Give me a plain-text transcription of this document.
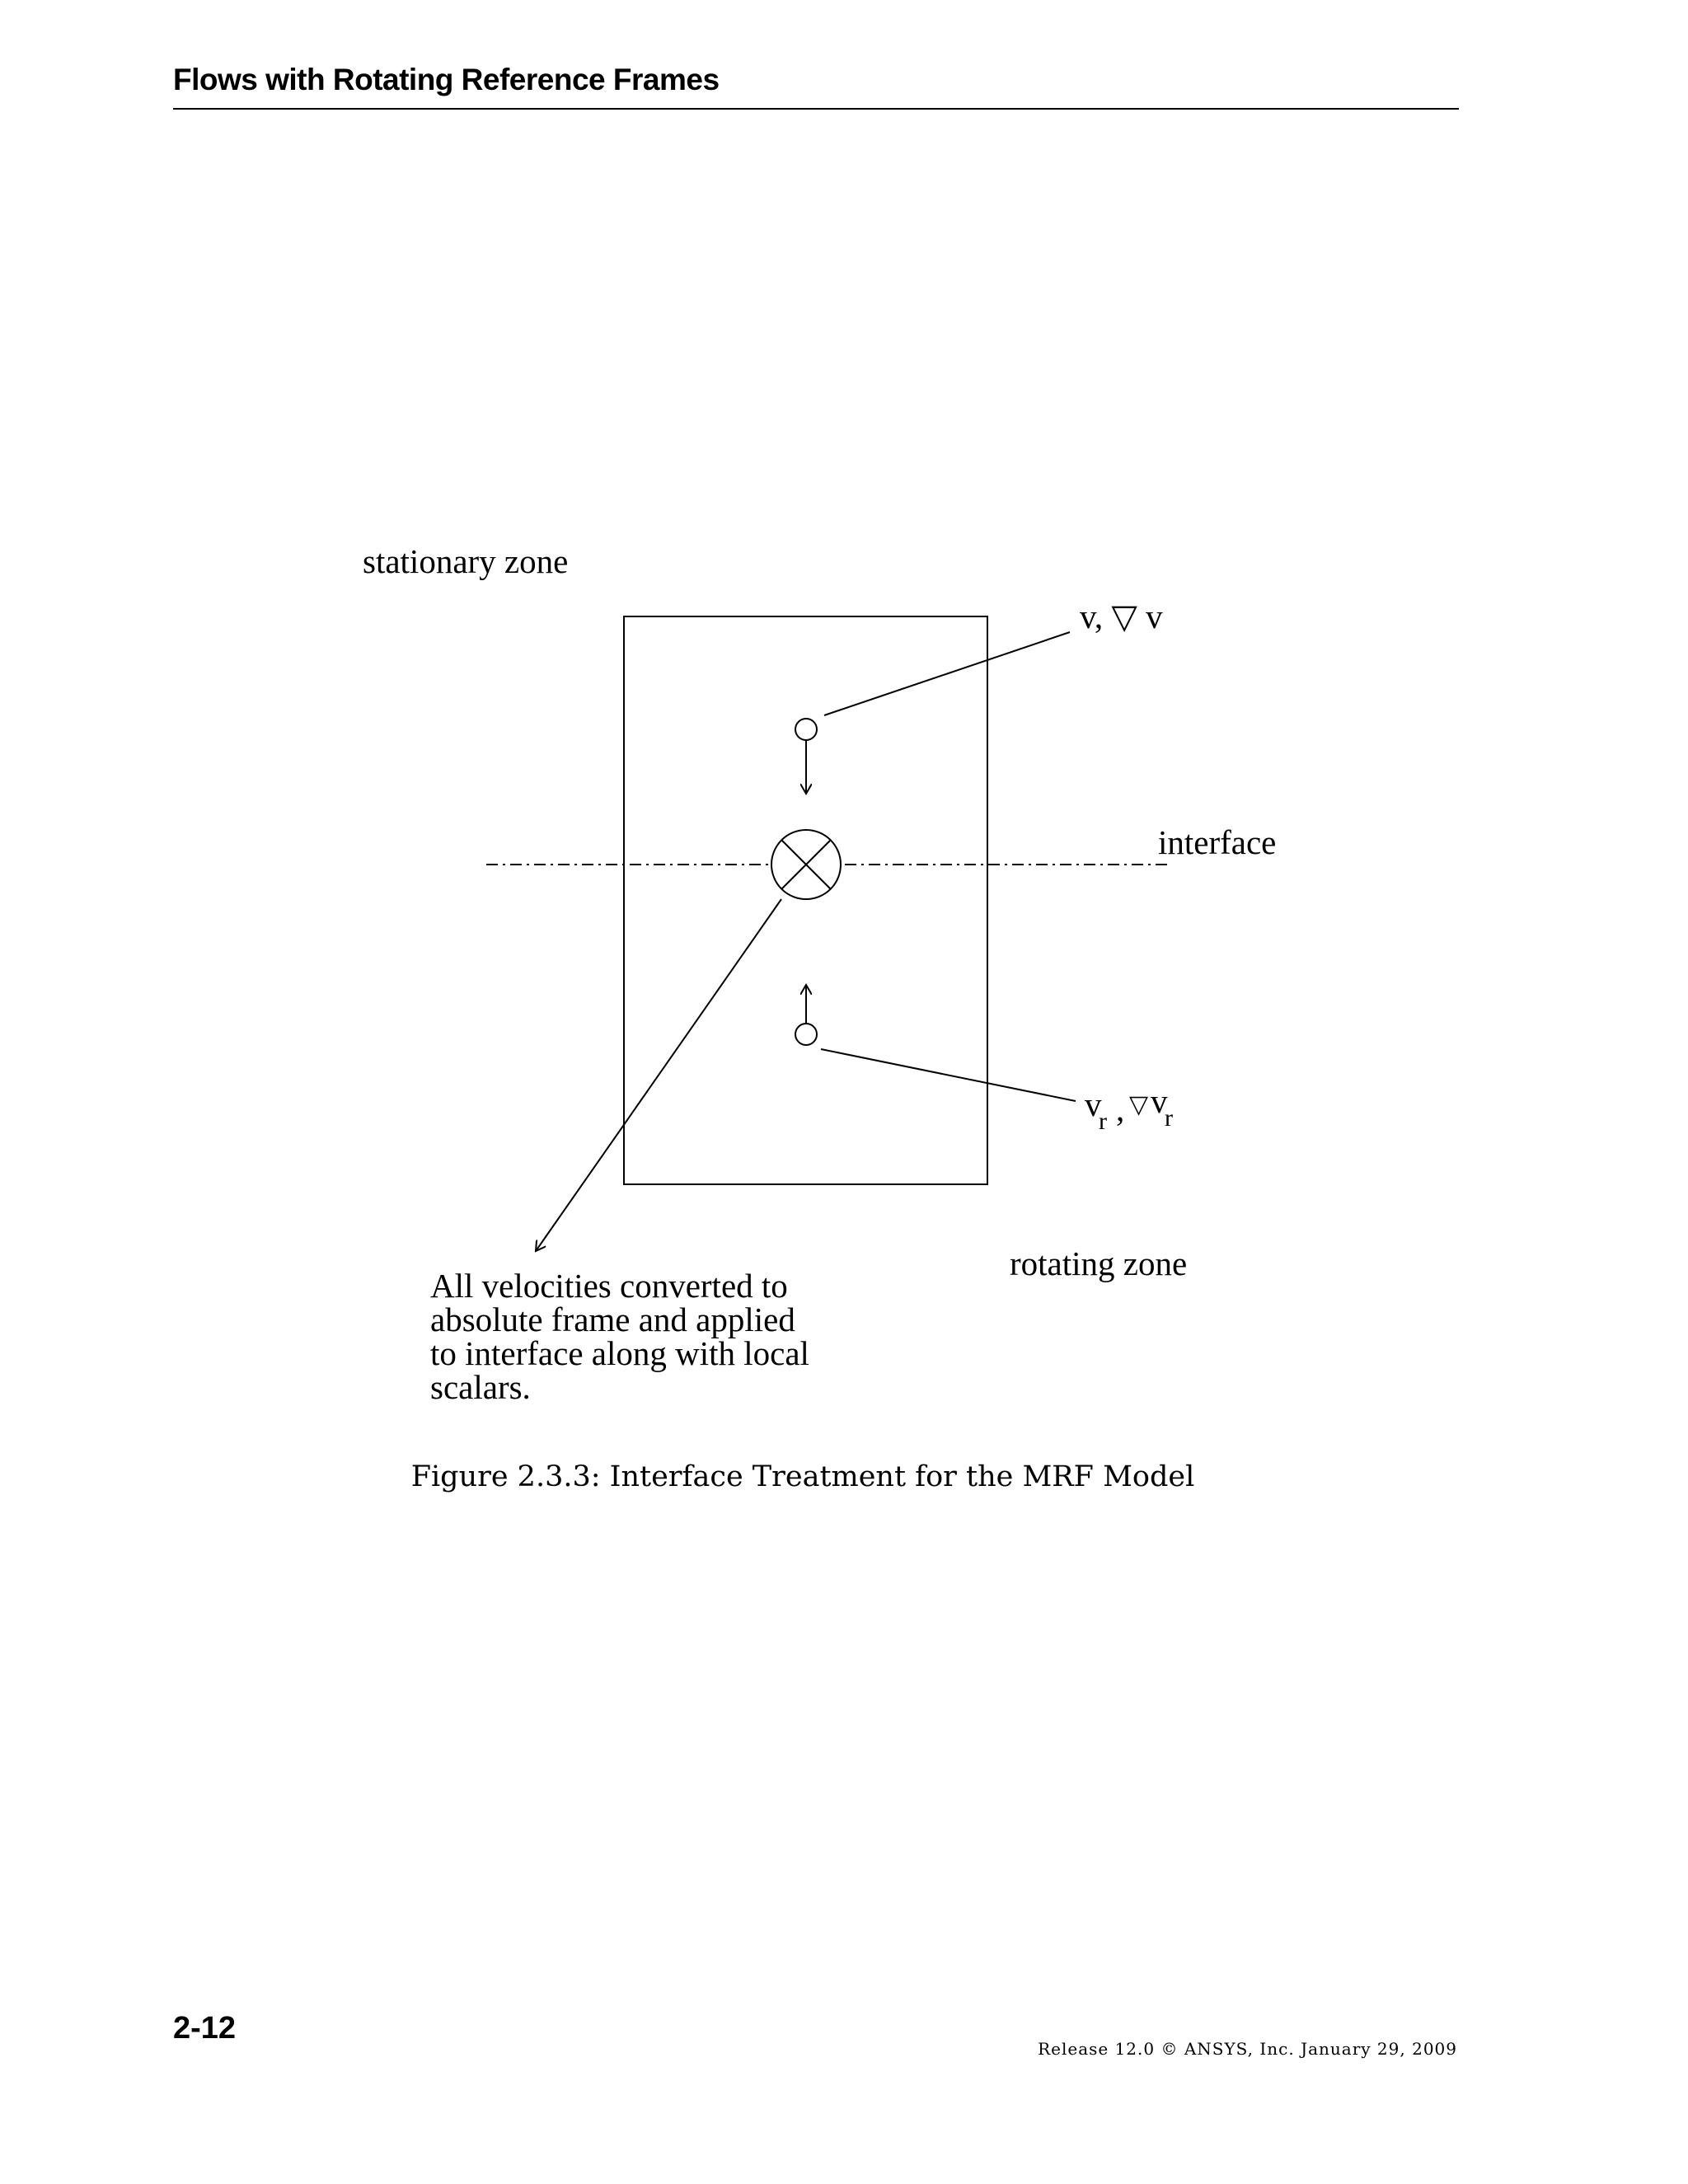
Flows with Rotating Reference Frames
stationary zone
v, ▽ v
interface
v
r , ▽ v
r
rotating zone
All velocities converted to
absolute frame and applied
to interface along with local
scalars.
Figure 2.3.3: Interface Treatment for the MRF Model
2-12
Release 12.0 © ANSYS, Inc. January 29, 2009
